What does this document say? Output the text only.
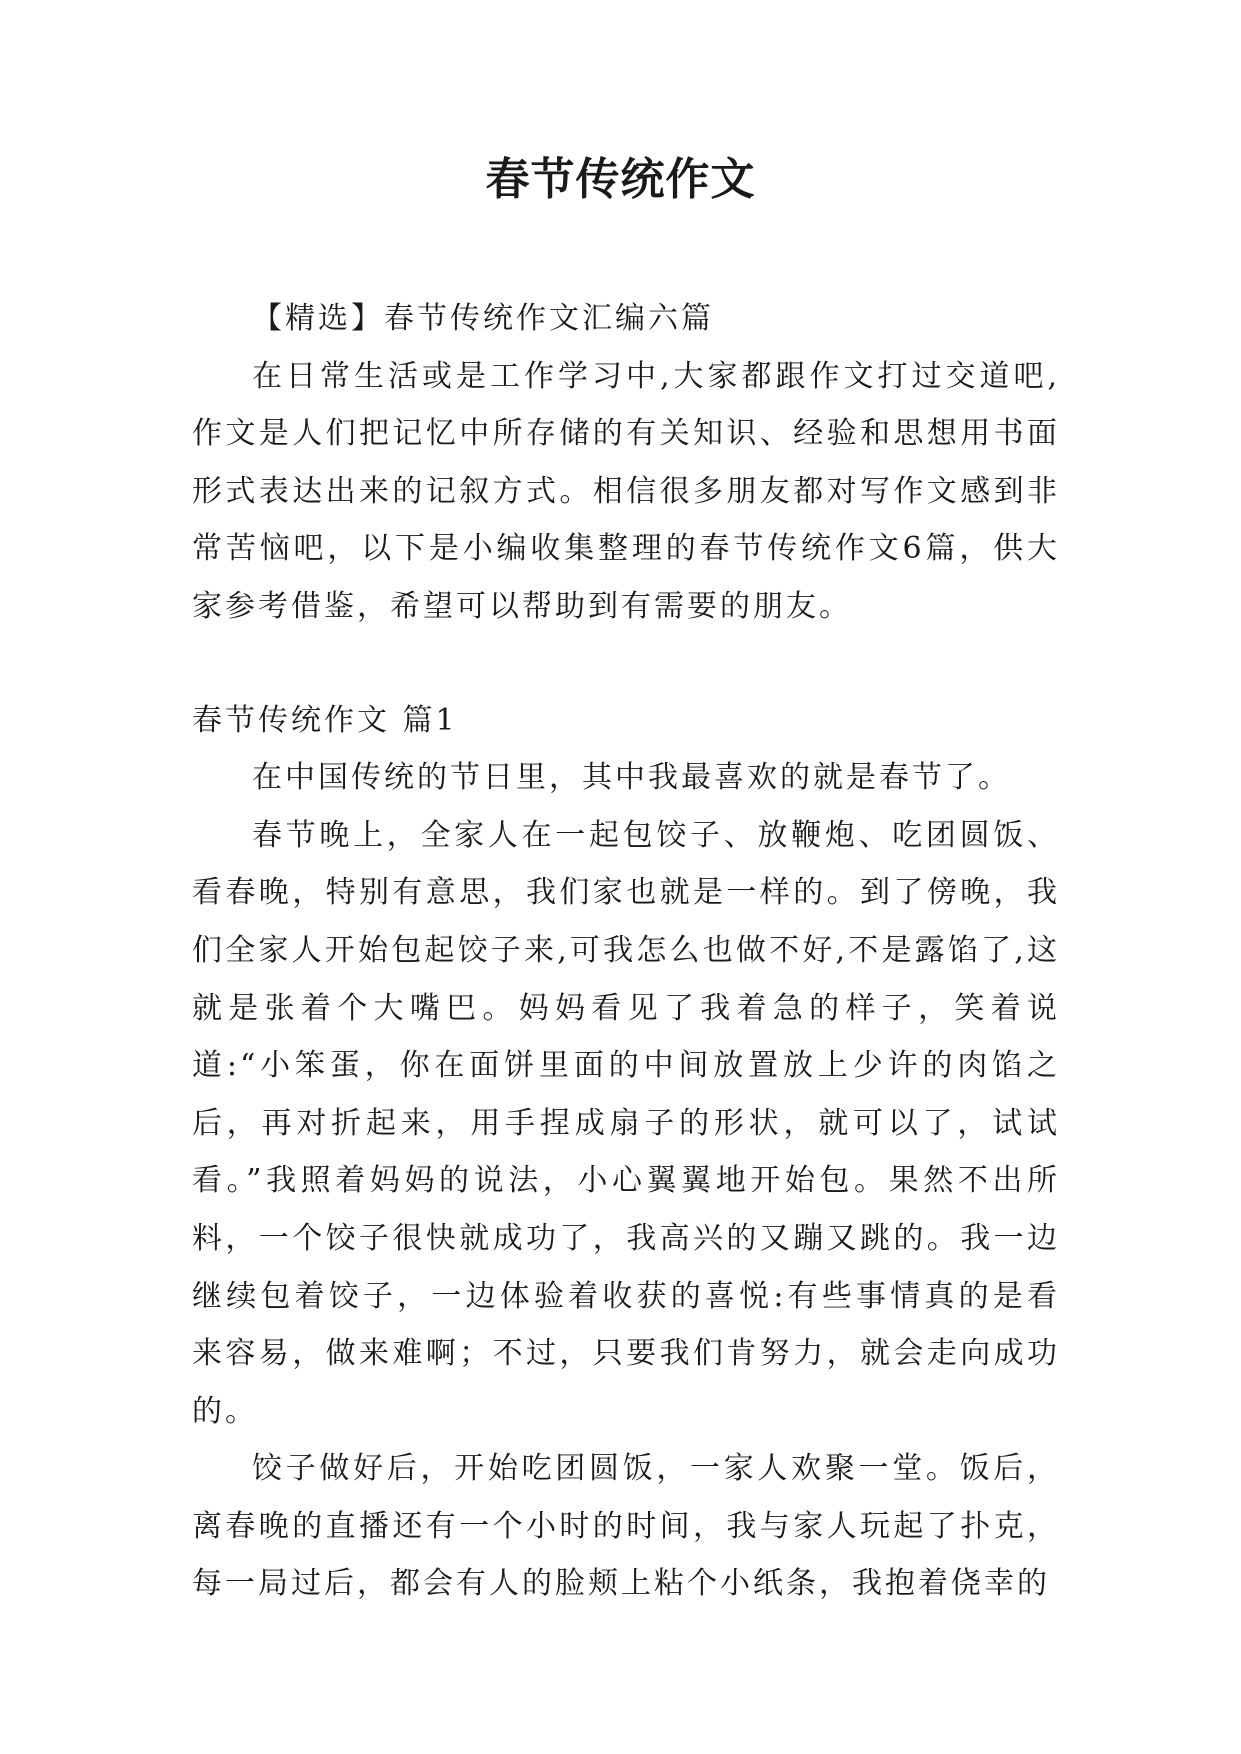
春节传统作文

【精选】春节传统作文汇编六篇

在日常生活或是工作学习中,大家都跟作文打过交道吧,作文是人们把记忆中所存储的有关知识、经验和思想用书面形式表达出来的记叙方式。相信很多朋友都对写作文感到非常苦恼吧，以下是小编收集整理的春节传统作文6篇，供大家参考借鉴，希望可以帮助到有需要的朋友。

春节传统作文 篇1

在中国传统的节日里，其中我最喜欢的就是春节了。

春节晚上，全家人在一起包饺子、放鞭炮、吃团圆饭、看春晚，特别有意思，我们家也就是一样的。到了傍晚，我们全家人开始包起饺子来,可我怎么也做不好,不是露馅了,这就是张着个大嘴巴。妈妈看见了我着急的样子，笑着说道:“小笨蛋，你在面饼里面的中间放置放上少许的肉馅之后，再对折起来，用手捏成扇子的形状，就可以了，试试看。”我照着妈妈的说法，小心翼翼地开始包。果然不出所料，一个饺子很快就成功了，我高兴的又蹦又跳的。我一边继续包着饺子，一边体验着收获的喜悦:有些事情真的是看来容易，做来难啊；不过，只要我们肯努力，就会走向成功的。

饺子做好后，开始吃团圆饭，一家人欢聚一堂。饭后，离春晚的直播还有一个小时的时间，我与家人玩起了扑克，每一局过后，都会有人的脸颊上粘个小纸条，我抱着侥幸的
